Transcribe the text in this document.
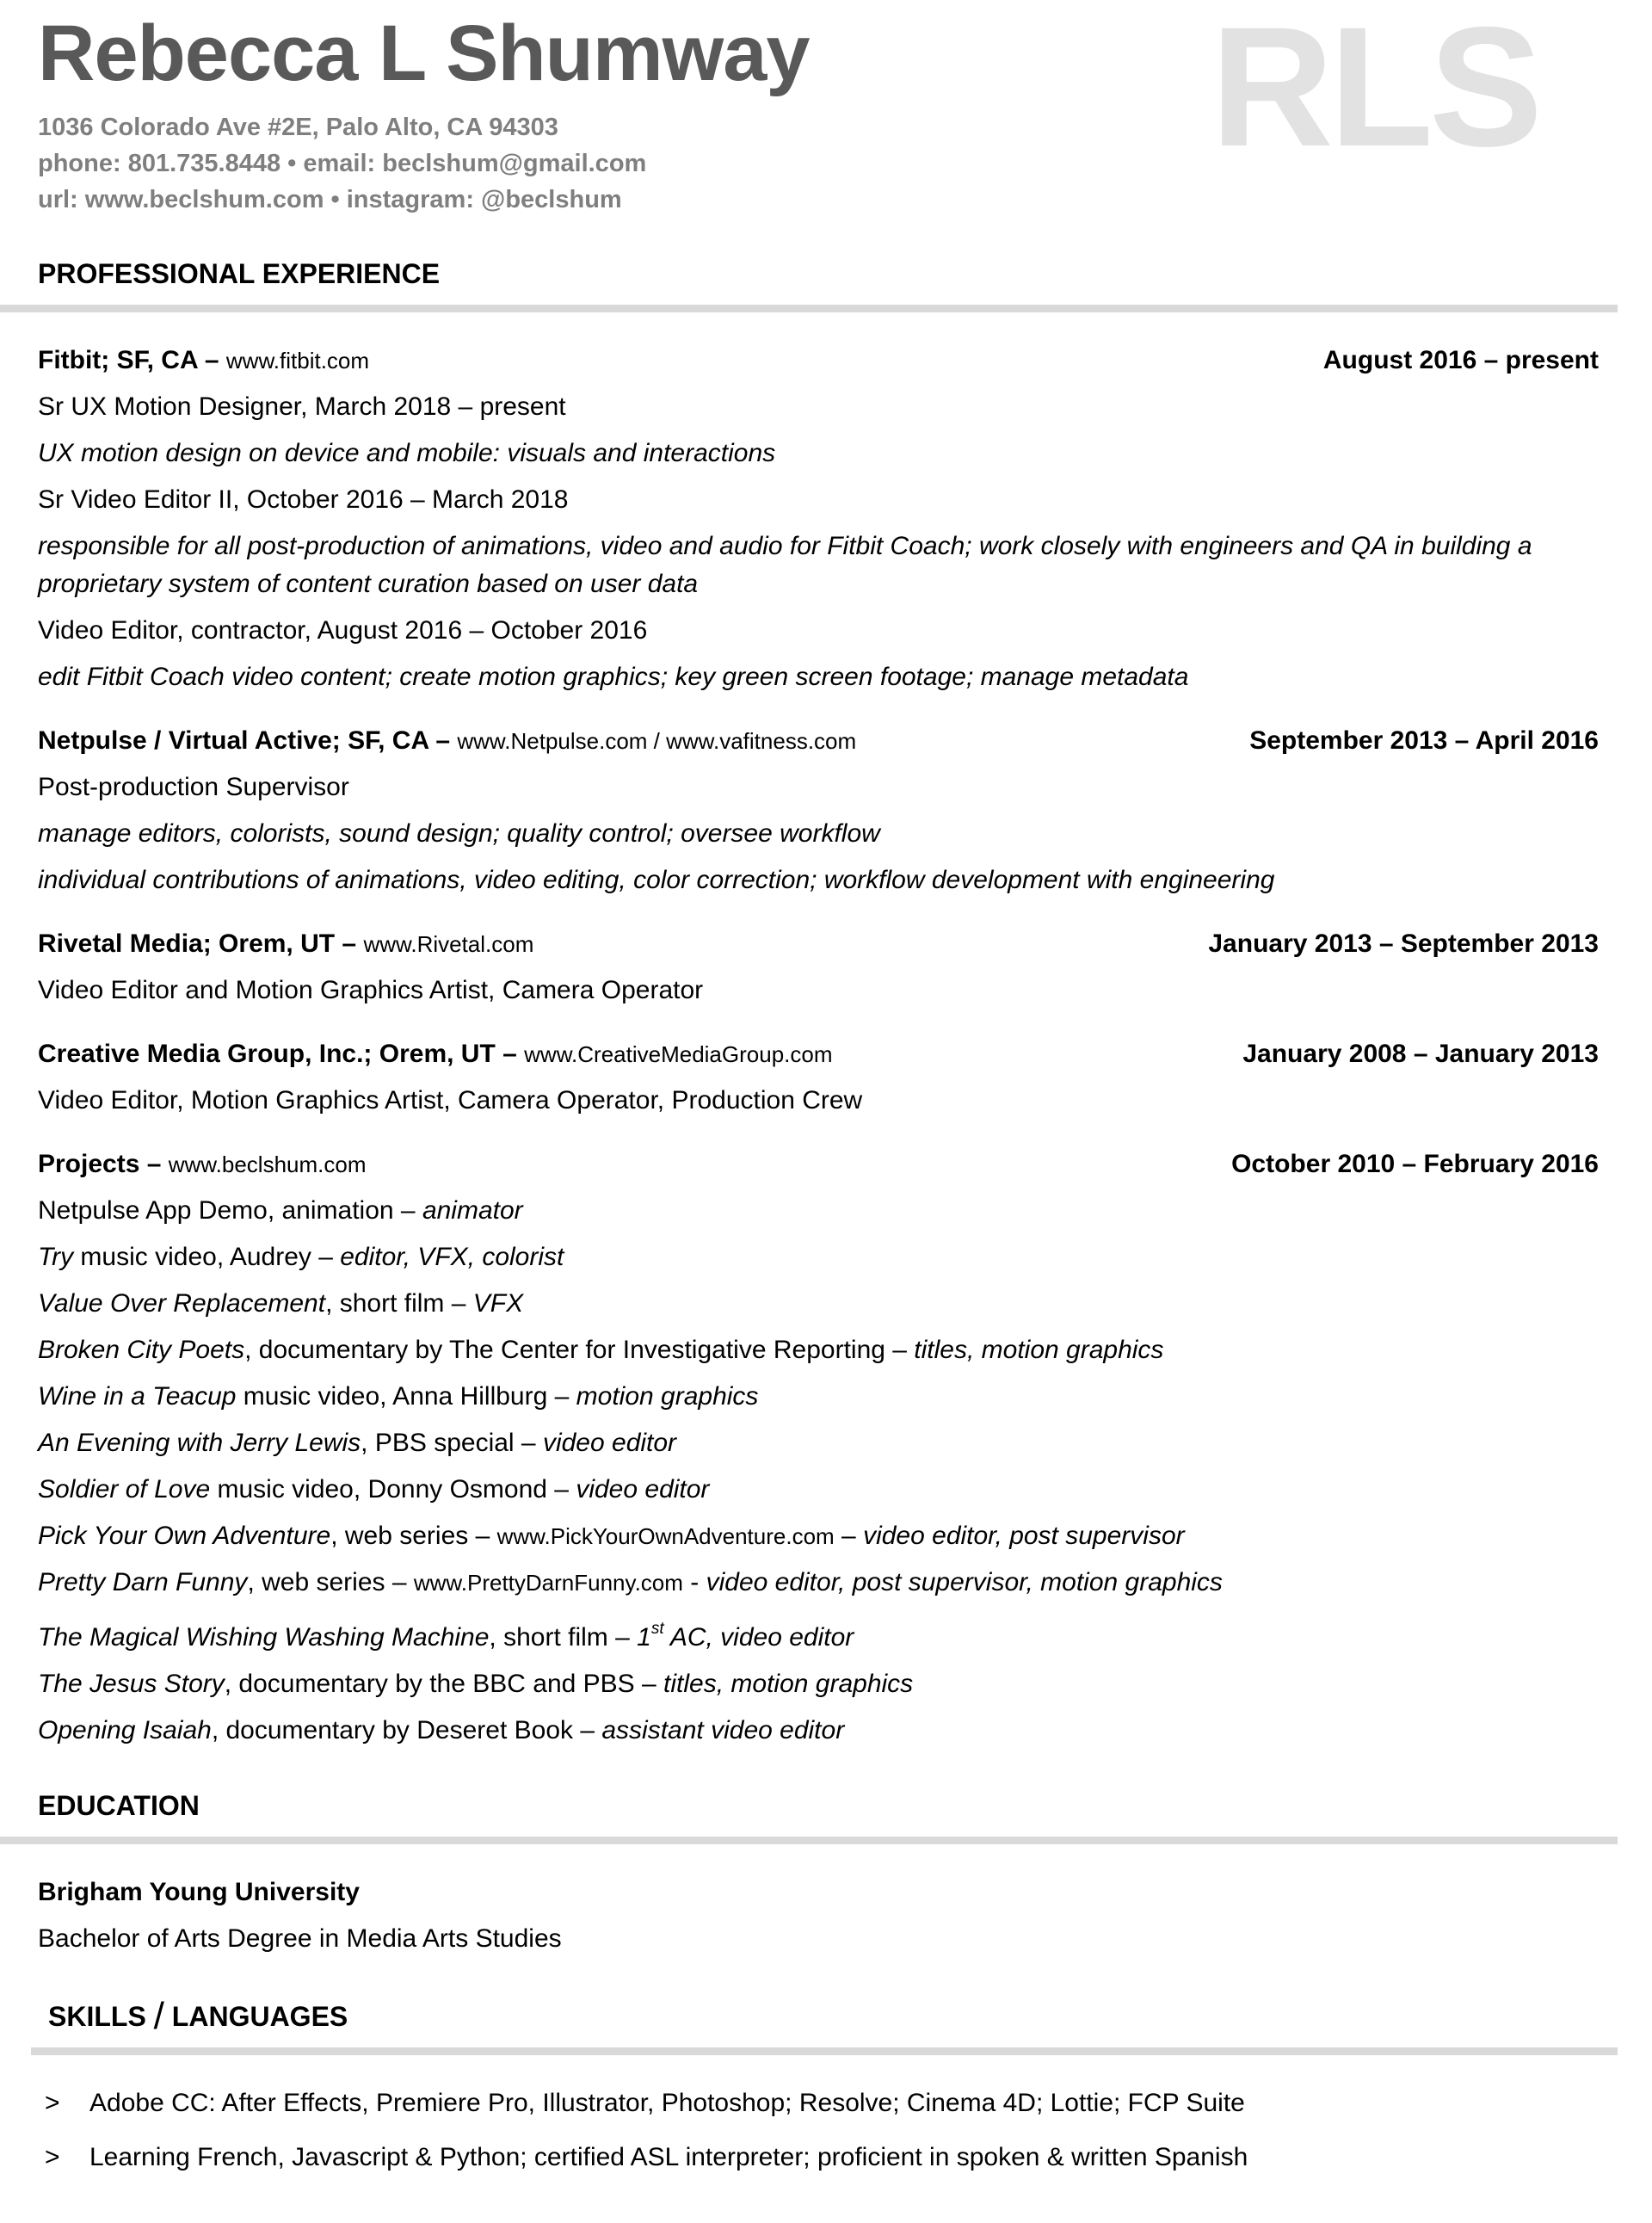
RLS
Rebecca L Shumway

1036 Colorado Ave #2E, Palo Alto, CA 94303

phone: 801.735.8448 • email: beclshum@gmail.com

url: www.beclshum.com • instagram: @beclshum

PROFESSIONAL EXPERIENCE
Fitbit; SF, CA – www.fitbit.com	August 2016 – present

Sr UX Motion Designer, March 2018 – present

UX motion design on device and mobile: visuals and interactions

Sr Video Editor II, October 2016 – March 2018

responsible for all post-production of animations, video and audio for Fitbit Coach; work closely with engineers and QA in building a proprietary system of content curation based on user data

Video Editor, contractor, August 2016 – October 2016

edit Fitbit Coach video content; create motion graphics; key green screen footage; manage metadata

Netpulse / Virtual Active; SF, CA – www.Netpulse.com / www.vafitness.com	September 2013 – April 2016

Post-production Supervisor

manage editors, colorists, sound design; quality control; oversee workflow

individual contributions of animations, video editing, color correction; workflow development with engineering

Rivetal Media; Orem, UT – www.Rivetal.com	January 2013 – September 2013

Video Editor and Motion Graphics Artist, Camera Operator

Creative Media Group, Inc.; Orem, UT – www.CreativeMediaGroup.com	January 2008 – January 2013

Video Editor, Motion Graphics Artist, Camera Operator, Production Crew

Projects – www.beclshum.com	October 2010 – February 2016

Netpulse App Demo, animation – animator

Try music video, Audrey – editor, VFX, colorist

Value Over Replacement, short film – VFX

Broken City Poets, documentary by The Center for Investigative Reporting – titles, motion graphics

Wine in a Teacup music video, Anna Hillburg – motion graphics

An Evening with Jerry Lewis, PBS special – video editor

Soldier of Love music video, Donny Osmond – video editor

Pick Your Own Adventure, web series – www.PickYourOwnAdventure.com – video editor, post supervisor

Pretty Darn Funny, web series – www.PrettyDarnFunny.com - video editor, post supervisor, motion graphics

The Magical Wishing Washing Machine, short film – 1st AC, video editor

The Jesus Story, documentary by the BBC and PBS – titles, motion graphics

Opening Isaiah, documentary by Deseret Book – assistant video editor

EDUCATION
Brigham Young University

Bachelor of Arts Degree in Media Arts Studies

SKILLS / LANGUAGES

>	Adobe CC: After Effects, Premiere Pro, Illustrator, Photoshop; Resolve; Cinema 4D; Lottie; FCP Suite

>	Learning French, Javascript & Python; certified ASL interpreter; proficient in spoken & written Spanish
